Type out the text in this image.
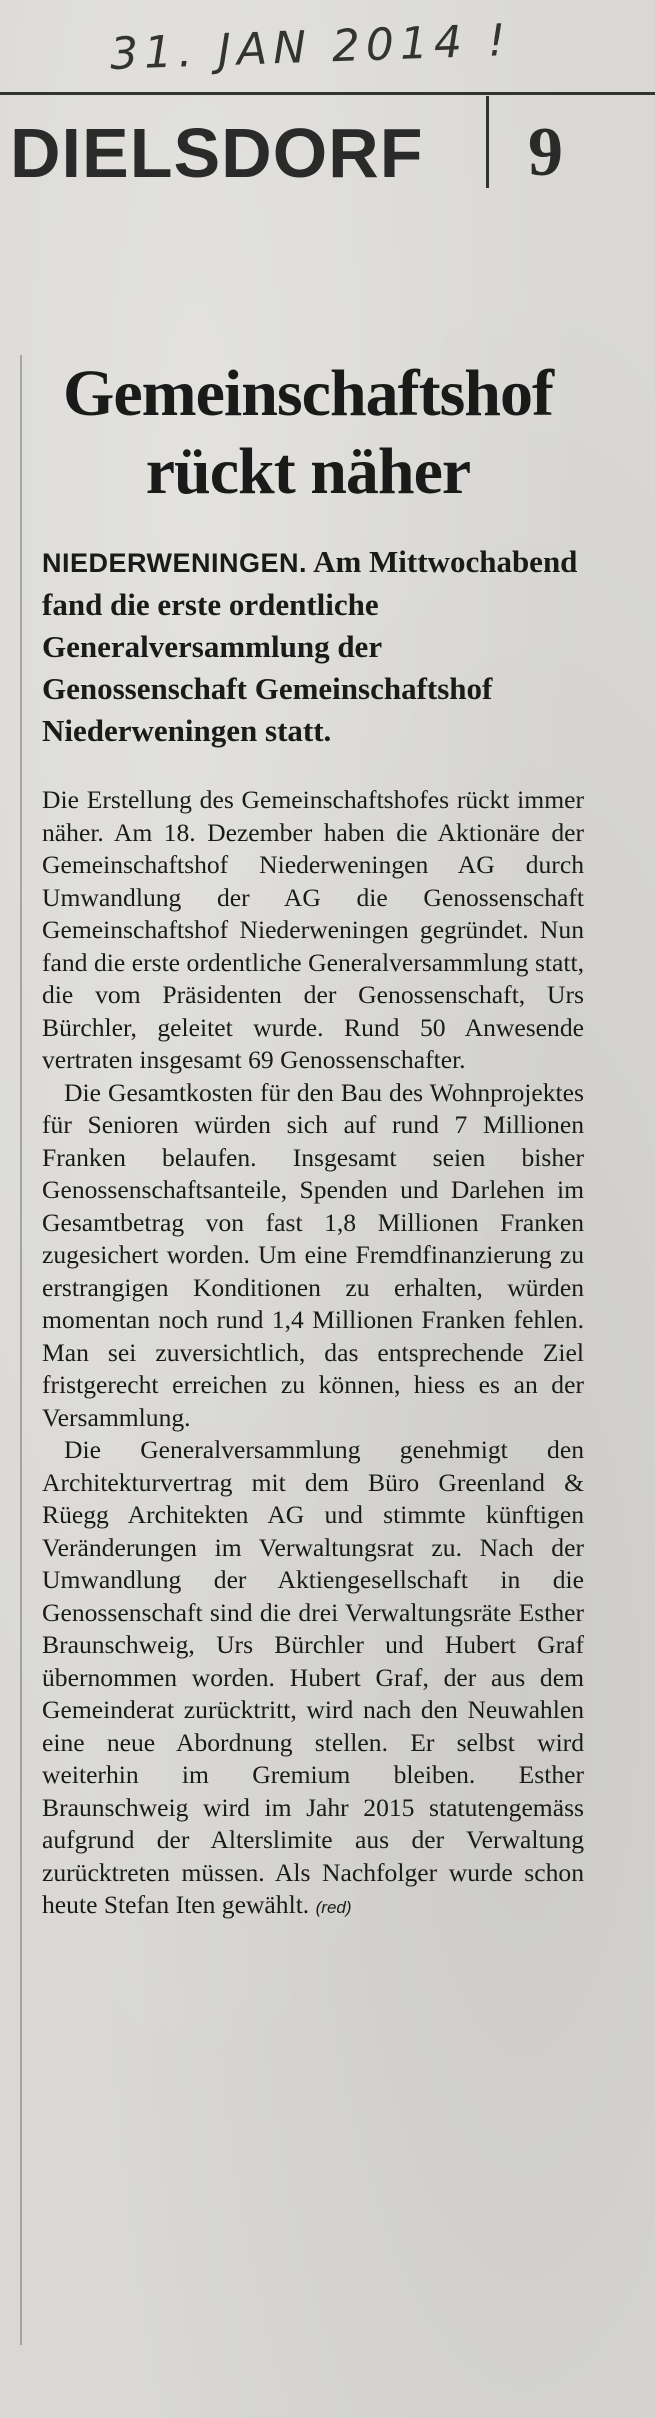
31. JAN 2014 !
DIELSDORF 9
Gemeinschaftshof rückt näher

NIEDERWENINGEN. Am Mittwochabend fand die erste ordentliche Generalversammlung der Genossenschaft Gemeinschaftshof Niederweningen statt.

Die Erstellung des Gemeinschaftshofes rückt immer näher. Am 18. Dezember haben die Aktionäre der Gemeinschaftshof Niederweningen AG durch Umwandlung der AG die Genossenschaft Gemeinschaftshof Niederweningen gegründet. Nun fand die erste ordentliche Generalversammlung statt, die vom Präsidenten der Genossenschaft, Urs Bürchler, geleitet wurde. Rund 50 Anwesende vertraten insgesamt 69 Genossenschafter.

Die Gesamtkosten für den Bau des Wohnprojektes für Senioren würden sich auf rund 7 Millionen Franken belaufen. Insgesamt seien bisher Genossenschaftsanteile, Spenden und Darlehen im Gesamtbetrag von fast 1,8 Millionen Franken zugesichert worden. Um eine Fremdfinanzierung zu erstrangigen Konditionen zu erhalten, würden momentan noch rund 1,4 Millionen Franken fehlen. Man sei zuversichtlich, das entsprechende Ziel fristgerecht erreichen zu können, hiess es an der Versammlung.

Die Generalversammlung genehmigt den Architekturvertrag mit dem Büro Greenland & Rüegg Architekten AG und stimmte künftigen Veränderungen im Verwaltungsrat zu. Nach der Umwandlung der Aktiengesellschaft in die Genossenschaft sind die drei Verwaltungsräte Esther Braunschweig, Urs Bürchler und Hubert Graf übernommen worden. Hubert Graf, der aus dem Gemeinderat zurücktritt, wird nach den Neuwahlen eine neue Abordnung stellen. Er selbst wird weiterhin im Gremium bleiben. Esther Braunschweig wird im Jahr 2015 statutengemäss aufgrund der Alterslimite aus der Verwaltung zurücktreten müssen. Als Nachfolger wurde schon heute Stefan Iten gewählt. (red)
